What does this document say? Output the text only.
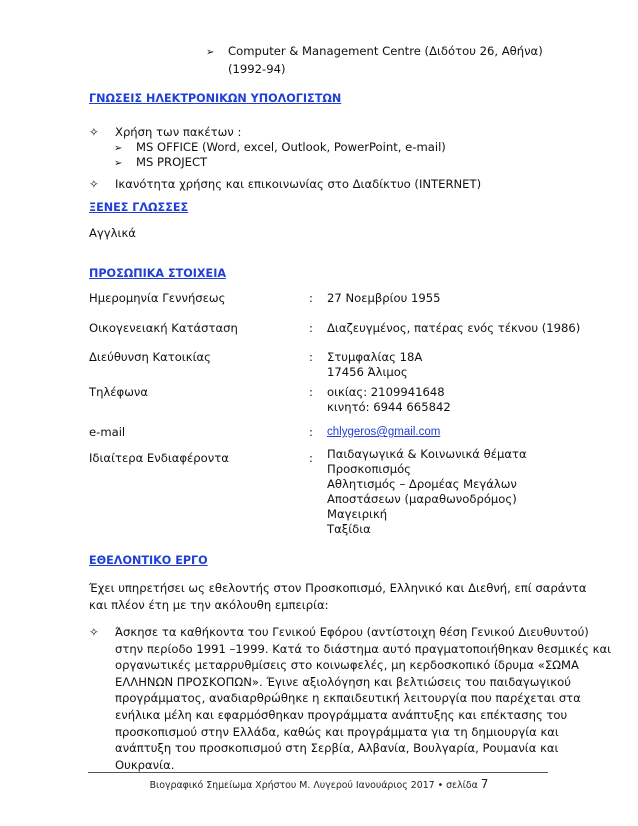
➢ Computer & Management Centre (Διδότου 26, Αθήνα)
(1992-94)
ΓΝΩΣΕΙΣ ΗΛΕΚΤΡΟΝΙΚΩΝ ΥΠΟΛΟΓΙΣΤΩΝ
✧ Χρήση των πακέτων :
➢ MS OFFICE (Word, excel, Outlook, PowerPoint, e-mail)
➢ MS PROJECT
✧ Ικανότητα χρήσης και επικοινωνίας στο Διαδίκτυο (INTERNET)
ΞΕΝΕΣ ΓΛΩΣΣΕΣ
Αγγλικά
ΠΡΟΣΩΠΙΚΑ ΣΤΟΙΧΕΙΑ
Ημερομηνία Γεννήσεως	: 27 Νοεμβρίου 1955
Οικογενειακή Κατάσταση	: Διαζευγμένος, πατέρας ενός τέκνου (1986)
Διεύθυνση Κατοικίας	: Στυμφαλίας 18Α
17456 Άλιμος
Τηλέφωνα	: οικίας: 2109941648
κινητό: 6944 665842
e-mail	: chlygeros@gmail.com
Ιδιαίτερα Ενδιαφέροντα	: Παιδαγωγικά & Κοινωνικά θέματα
Προσκοπισμός
Αθλητισμός – Δρομέας Μεγάλων
Αποστάσεων (μαραθωνοδρόμος)
Μαγειρική
Ταξίδια
ΕΘΕΛΟΝΤΙΚΟ ΕΡΓΟ
Έχει υπηρετήσει ως εθελοντής στον Προσκοπισμό, Ελληνικό και Διεθνή, επί σαράντα
και πλέον έτη με την ακόλουθη εμπειρία:
✧ Άσκησε τα καθήκοντα του Γενικού Εφόρου (αντίστοιχη θέση Γενικού Διευθυντού)
στην περίοδο 1991 –1999. Κατά το διάστημα αυτό πραγματοποιήθηκαν θεσμικές και
οργανωτικές μεταρρυθμίσεις στο κοινωφελές, μη κερδοσκοπικό ίδρυμα «ΣΩΜΑ
ΕΛΛΗΝΩΝ ΠΡΟΣΚΟΠΩΝ». Έγινε αξιολόγηση και βελτιώσεις του παιδαγωγικού
προγράμματος, αναδιαρθρώθηκε η εκπαιδευτική λειτουργία που παρέχεται στα
ενήλικα μέλη και εφαρμόσθηκαν προγράμματα ανάπτυξης και επέκτασης του
προσκοπισμού στην Ελλάδα, καθώς και προγράμματα για τη δημιουργία και
ανάπτυξη του προσκοπισμού στη Σερβία, Αλβανία, Βουλγαρία, Ρουμανία και
Ουκρανία.
Βιογραφικό Σημείωμα Χρήστου Μ. Λυγερού Ιανουάριος 2017 • σελίδα 7
